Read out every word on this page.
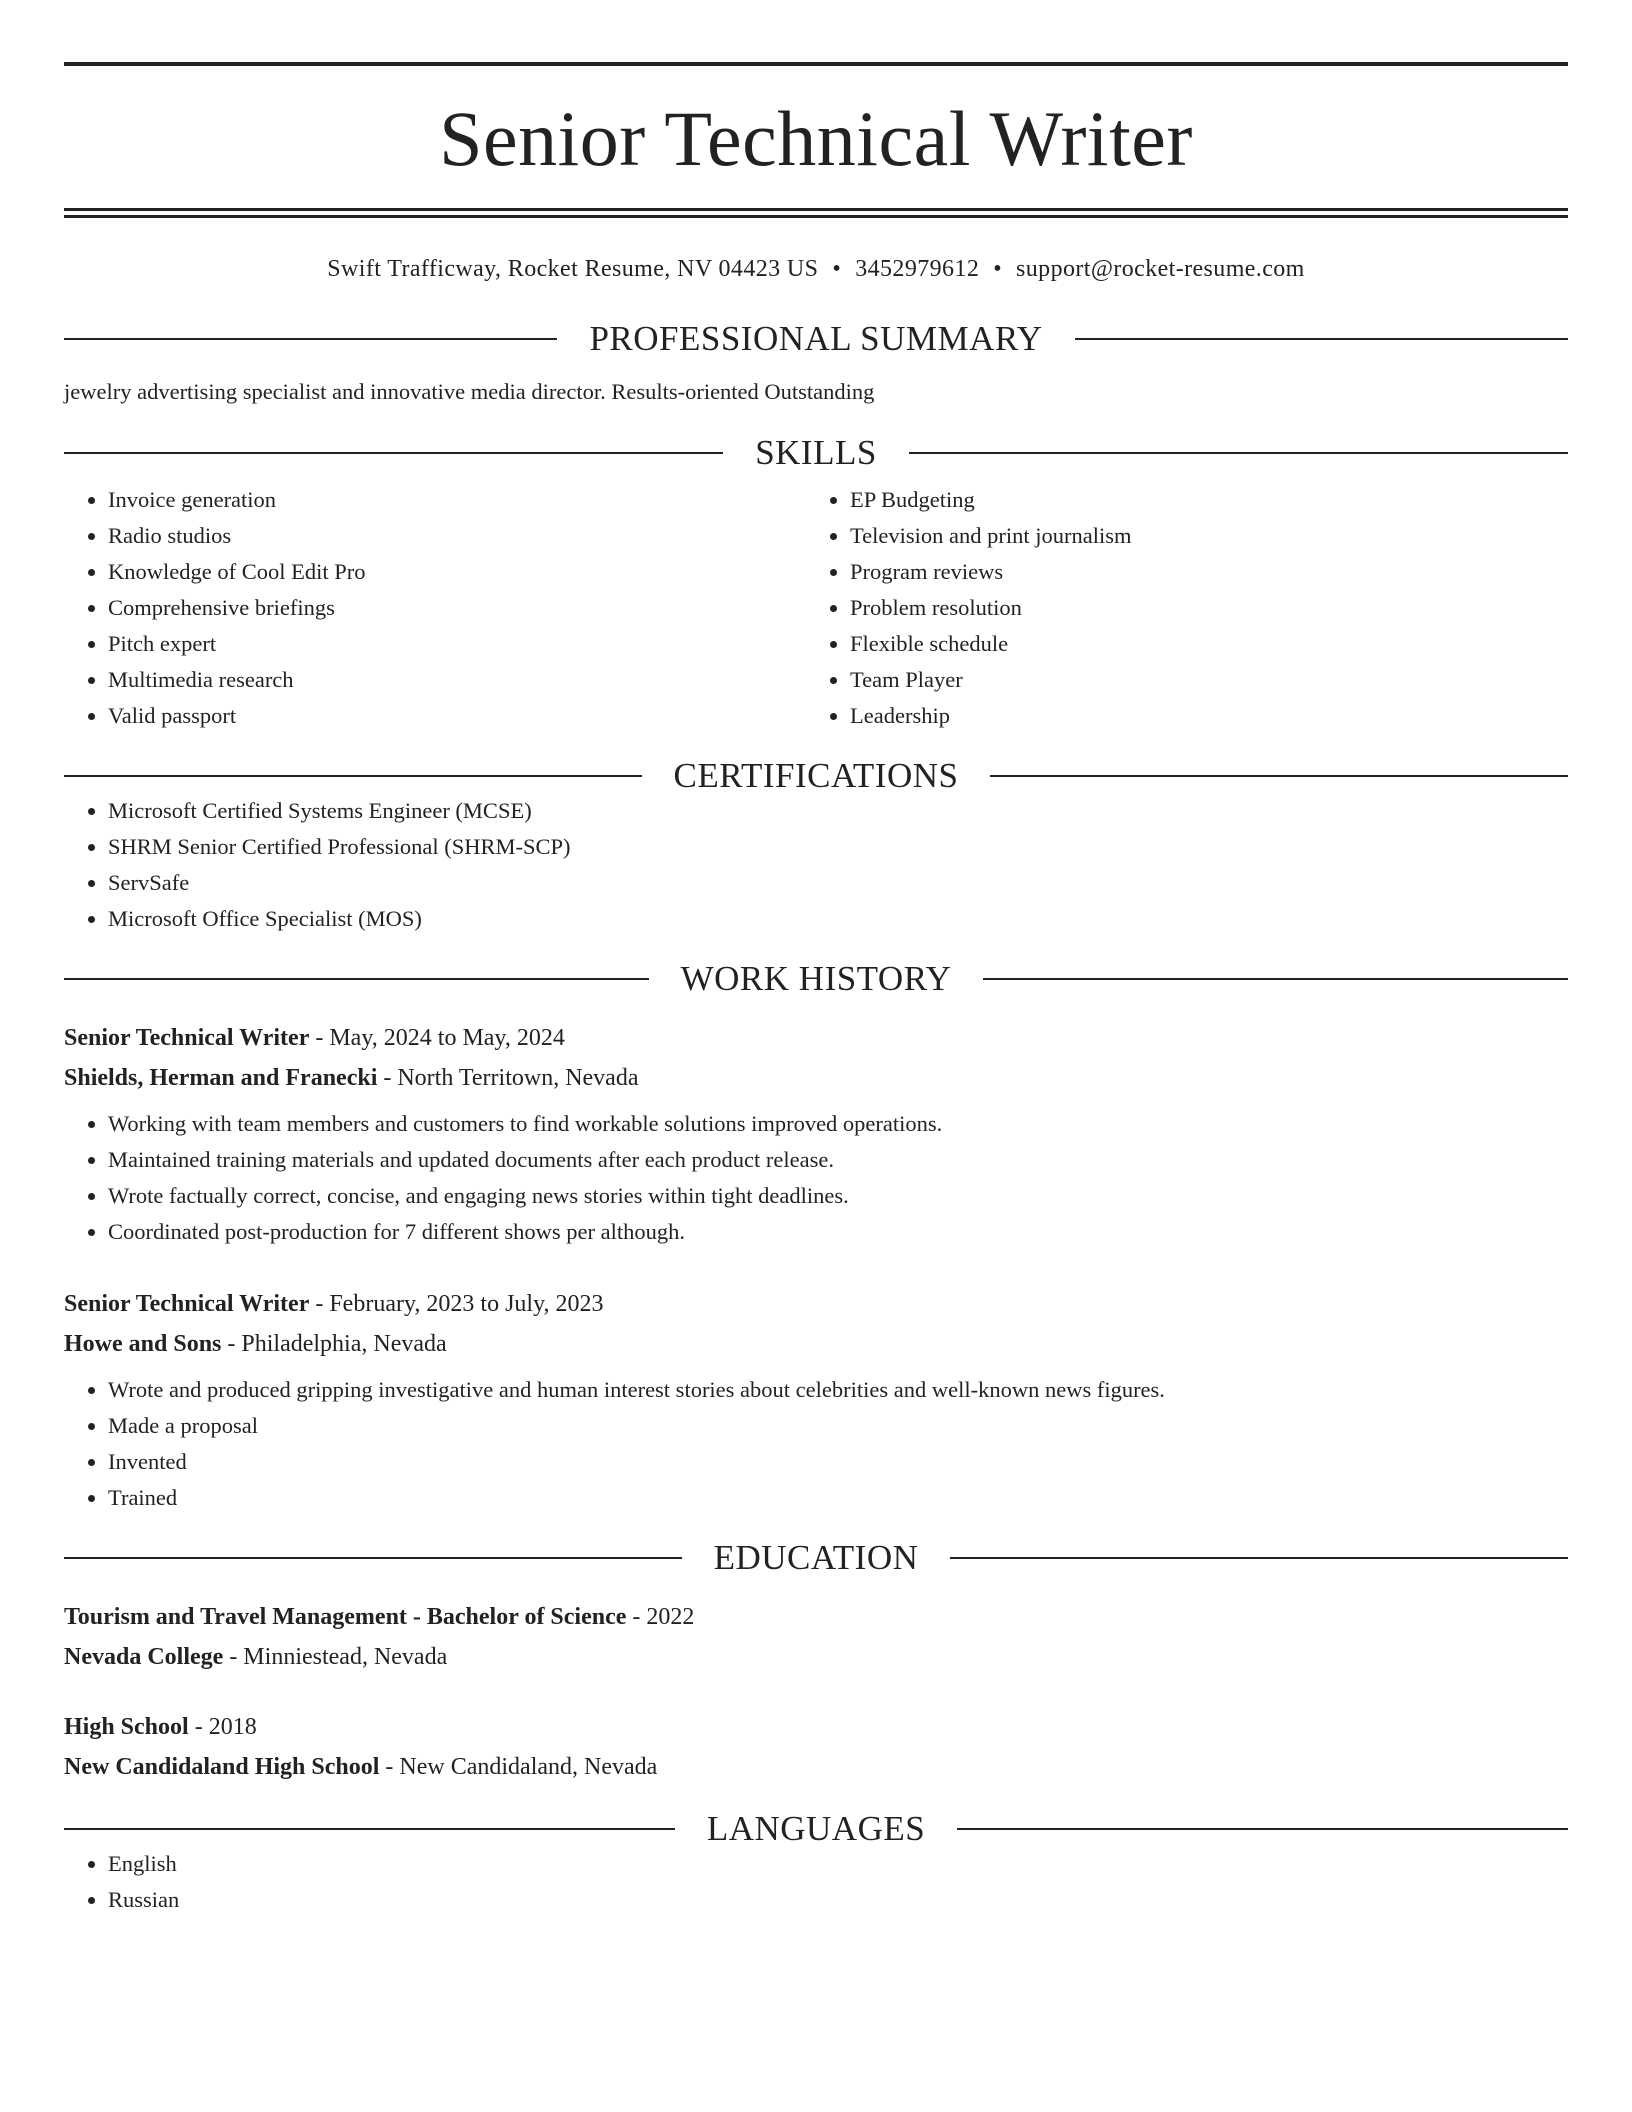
Senior Technical Writer
Swift Trafficway, Rocket Resume, NV 04423 US • 3452979612 • support@rocket-resume.com
PROFESSIONAL SUMMARY
jewelry advertising specialist and innovative media director. Results-oriented Outstanding
SKILLS
• Invoice generation
• Radio studios
• Knowledge of Cool Edit Pro
• Comprehensive briefings
• Pitch expert
• Multimedia research
• Valid passport
• EP Budgeting
• Television and print journalism
• Program reviews
• Problem resolution
• Flexible schedule
• Team Player
• Leadership
CERTIFICATIONS
• Microsoft Certified Systems Engineer (MCSE)
• SHRM Senior Certified Professional (SHRM-SCP)
• ServSafe
• Microsoft Office Specialist (MOS)
WORK HISTORY
Senior Technical Writer - May, 2024 to May, 2024
Shields, Herman and Franecki - North Territown, Nevada
• Working with team members and customers to find workable solutions improved operations.
• Maintained training materials and updated documents after each product release.
• Wrote factually correct, concise, and engaging news stories within tight deadlines.
• Coordinated post-production for 7 different shows per although.
Senior Technical Writer - February, 2023 to July, 2023
Howe and Sons - Philadelphia, Nevada
• Wrote and produced gripping investigative and human interest stories about celebrities and well-known news figures.
• Made a proposal
• Invented
• Trained
EDUCATION
Tourism and Travel Management - Bachelor of Science - 2022
Nevada College - Minniestead, Nevada
High School - 2018
New Candidaland High School - New Candidaland, Nevada
LANGUAGES
• English
• Russian
